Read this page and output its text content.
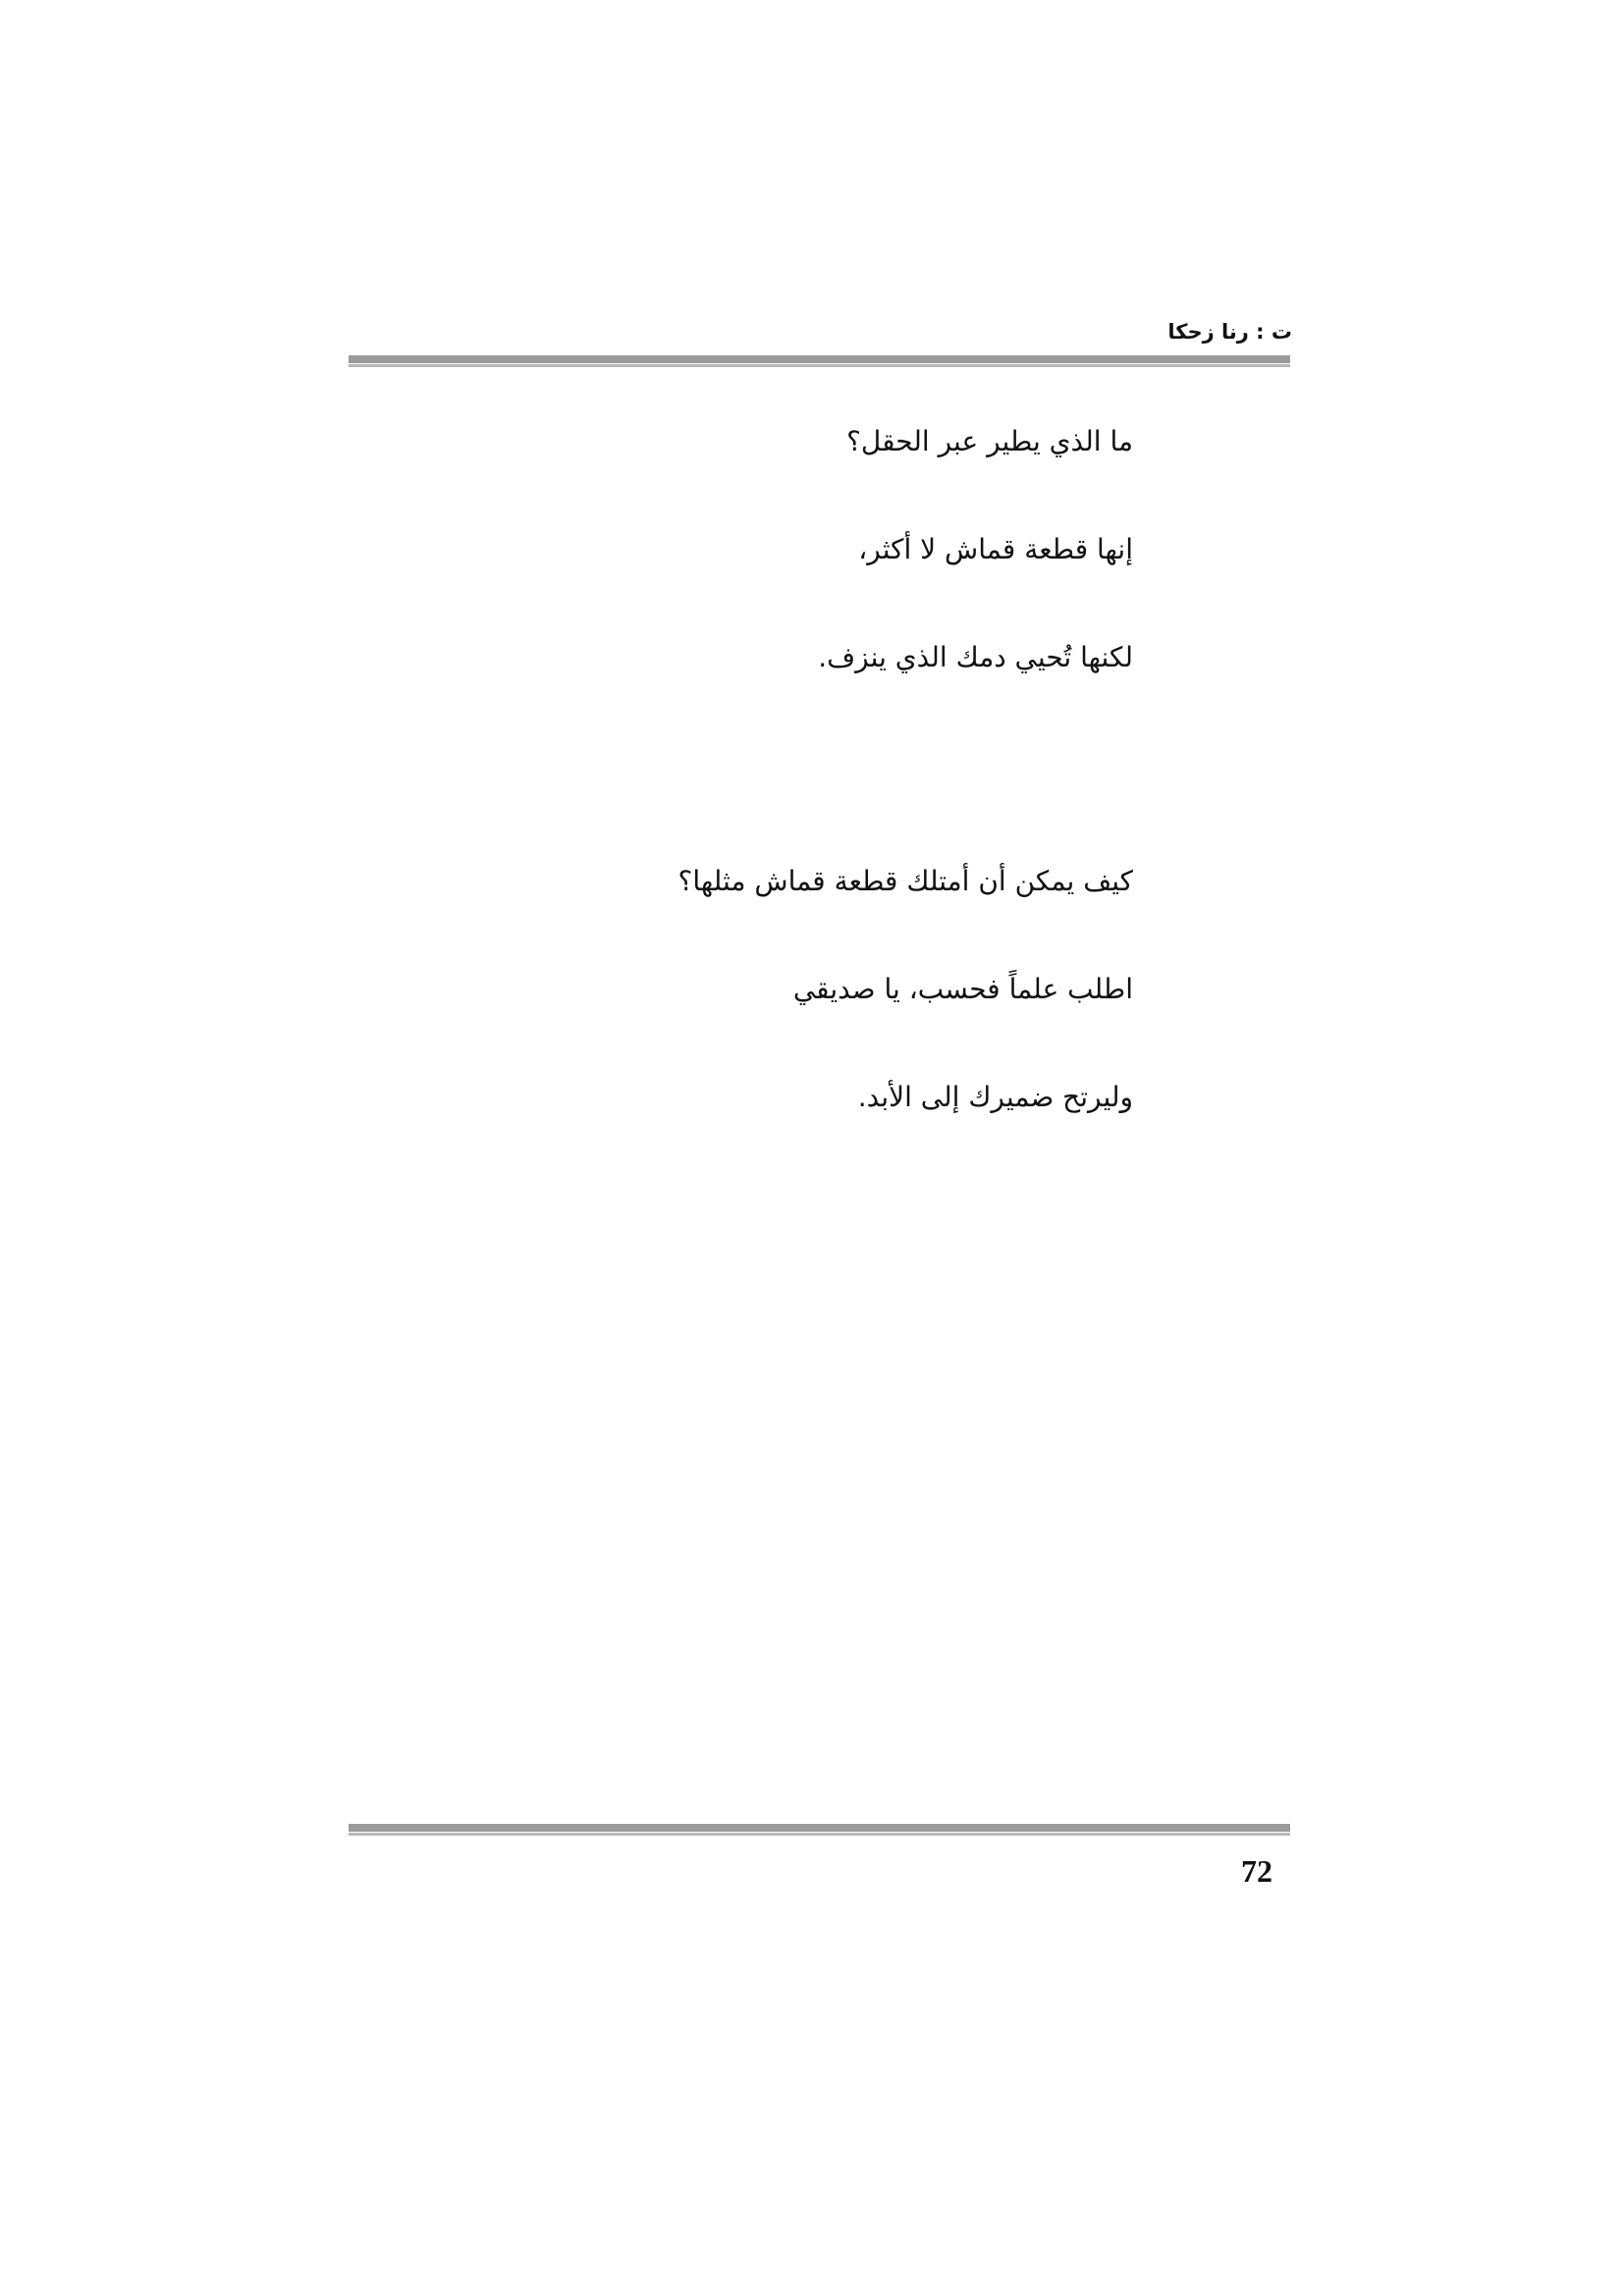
ت : رنا زحكا
ما الذي يطير عبر الحقل؟
إنها قطعة قماش لا أكثر،
لكنها تُحيي دمك الذي ينزف.
كيف يمكن أن أمتلك قطعة قماش مثلها؟
اطلب علماً فحسب، يا صديقي
وليرتح ضميرك إلى الأبد.
72
